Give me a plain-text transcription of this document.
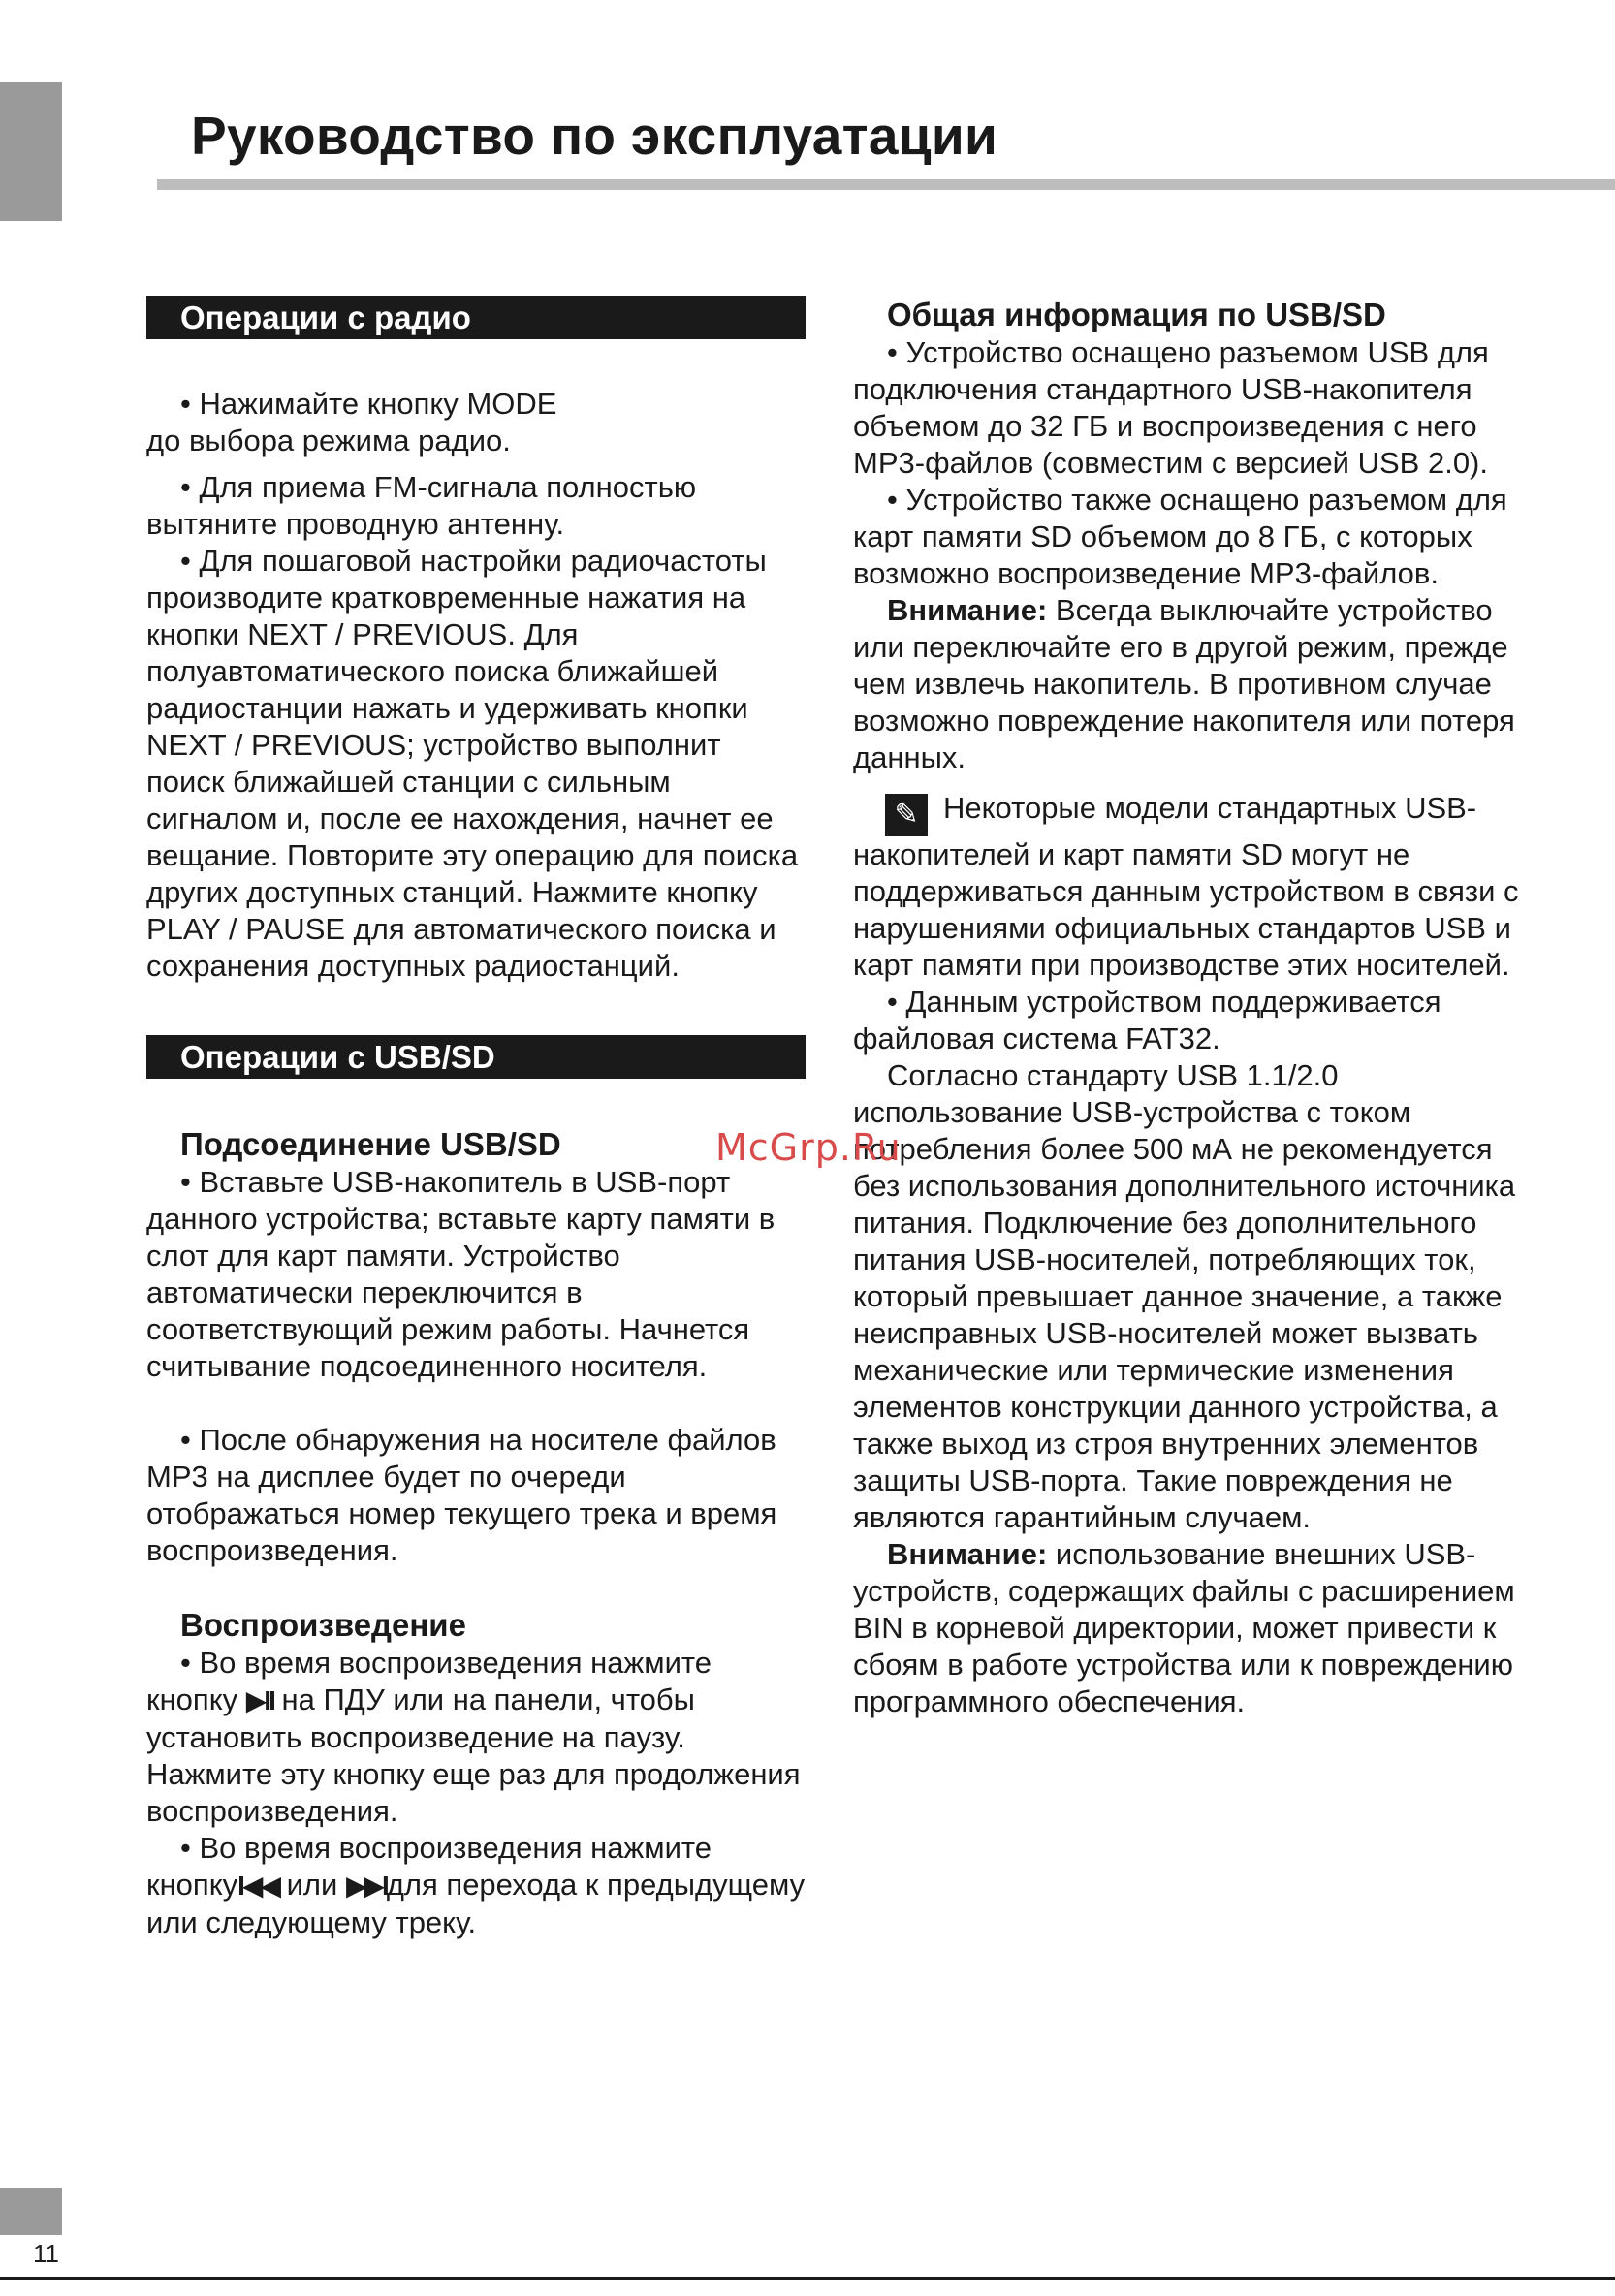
Руководство по эксплуатации
Операции с радио

• Нажимайте кнопку MODE до выбора режима радио.

• Для приема FM-сигнала полностью вытяните проводную антенну.

• Для пошаговой настройки радиочастоты производите кратковременные нажатия на кнопки NEXT / PREVIOUS. Для полуавтоматического поиска ближайшей радиостанции нажать и удерживать кнопки NEXT / PREVIOUS; устройство выполнит поиск ближайшей станции с сильным сигналом и, после ее нахождения, начнет ее вещание. Повторите эту операцию для поиска других доступных станций. Нажмите кнопку PLAY / PAUSE для автоматического поиска и сохранения доступных радиостанций.

Операции с USB/SD
Подсоединение USB/SD

• Вставьте USB-накопитель в USB-порт данного устройства; вставьте карту памяти в слот для карт памяти. Устройство автоматически переключится в соответствующий режим работы. Начнется считывание подсоединенного носителя.

• После обнаружения на носителе файлов MP3 на дисплее будет по очереди отображаться номер текущего трека и время воспроизведения.

Воспроизведение

• Во время воспроизведения нажмите кнопку ▶II на ПДУ или на панели, чтобы установить воспроизведение на паузу. Нажмите эту кнопку еще раз для продолжения воспроизведения.

• Во время воспроизведения нажмите кнопкуI◀◀ или ▶▶Iдля перехода к предыдущему или следующему треку.

Общая информация по USB/SD

• Устройство оснащено разъемом USB для подключения стандартного USB-накопителя объемом до 32 ГБ и воспроизведения с него MP3-файлов (совместим с версией USB 2.0).

• Устройство также оснащено разъемом для карт памяти SD объемом до 8 ГБ, с которых возможно воспроизведение MP3-файлов.

Внимание: Всегда выключайте устройство или переключайте его в другой режим, прежде чем извлечь накопитель. В противном случае возможно повреждение накопителя или потеря данных.

✎ Некоторые модели стандартных USB-накопителей и карт памяти SD могут не поддерживаться данным устройством в связи с нарушениями официальных стандартов USB и карт памяти при производстве этих носителей.

• Данным устройством поддерживается файловая система FAT32.

Согласно стандарту USB 1.1/2.0 использование USB-устройства с током потребления более 500 мА не рекомендуется без использования дополнительного источника питания. Подключение без дополнительного питания USB-носителей, потребляющих ток, который превышает данное значение, а также неисправных USB-носителей может вызвать механические или термические изменения элементов конструкции данного устройства, а также выход из строя внутренних элементов защиты USB-порта. Такие повреждения не являются гарантийным случаем.

Внимание: использование внешних USB-устройств, содержащих файлы с расширением BIN в корневой директории, может привести к сбоям в работе устройства или к повреждению программного обеспечения.

McGrp.Ru
11
